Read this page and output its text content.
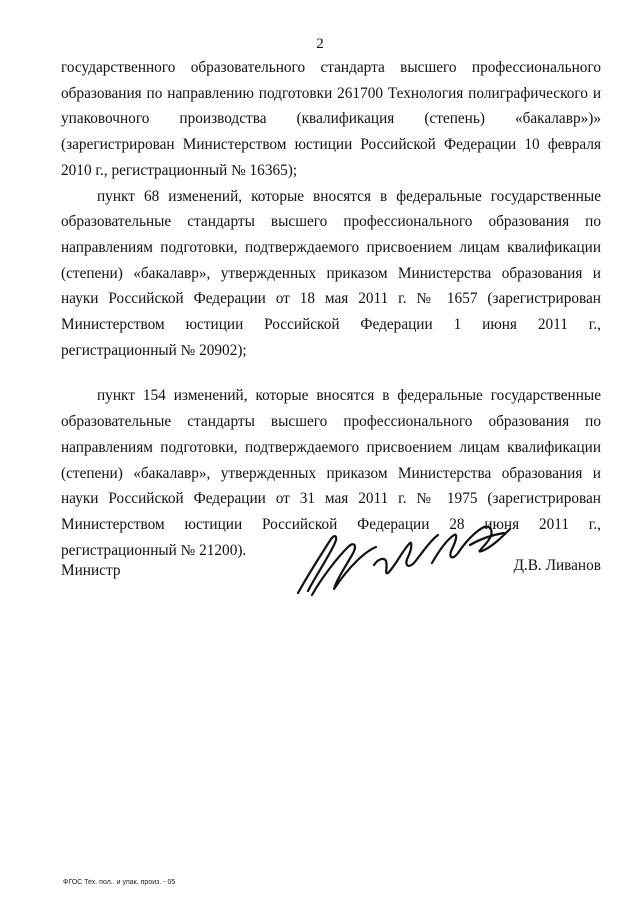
2

государственного образовательного стандарта высшего профессионального образования по направлению подготовки 261700 Технология полиграфического и упаковочного производства (квалификация (степень) «бакалавр»)» (зарегистрирован Министерством юстиции Российской Федерации 10 февраля 2010 г., регистрационный № 16365);

пункт 68 изменений, которые вносятся в федеральные государственные образовательные стандарты высшего профессионального образования по направлениям подготовки, подтверждаемого присвоением лицам квалификации (степени) «бакалавр», утвержденных приказом Министерства образования и науки Российской Федерации от 18 мая 2011 г. № 1657 (зарегистрирован Министерством юстиции Российской Федерации 1 июня 2011 г., регистрационный № 20902);

пункт 154 изменений, которые вносятся в федеральные государственные образовательные стандарты высшего профессионального образования по направлениям подготовки, подтверждаемого присвоением лицам квалификации (степени) «бакалавр», утвержденных приказом Министерства образования и науки Российской Федерации от 31 мая 2011 г. № 1975 (зарегистрирован Министерством юстиции Российской Федерации 28 июня 2011 г., регистрационный № 21200).

Министр	Д.В. Ливанов
ФГОС Тех. пол.. и упак. произ. - 05
